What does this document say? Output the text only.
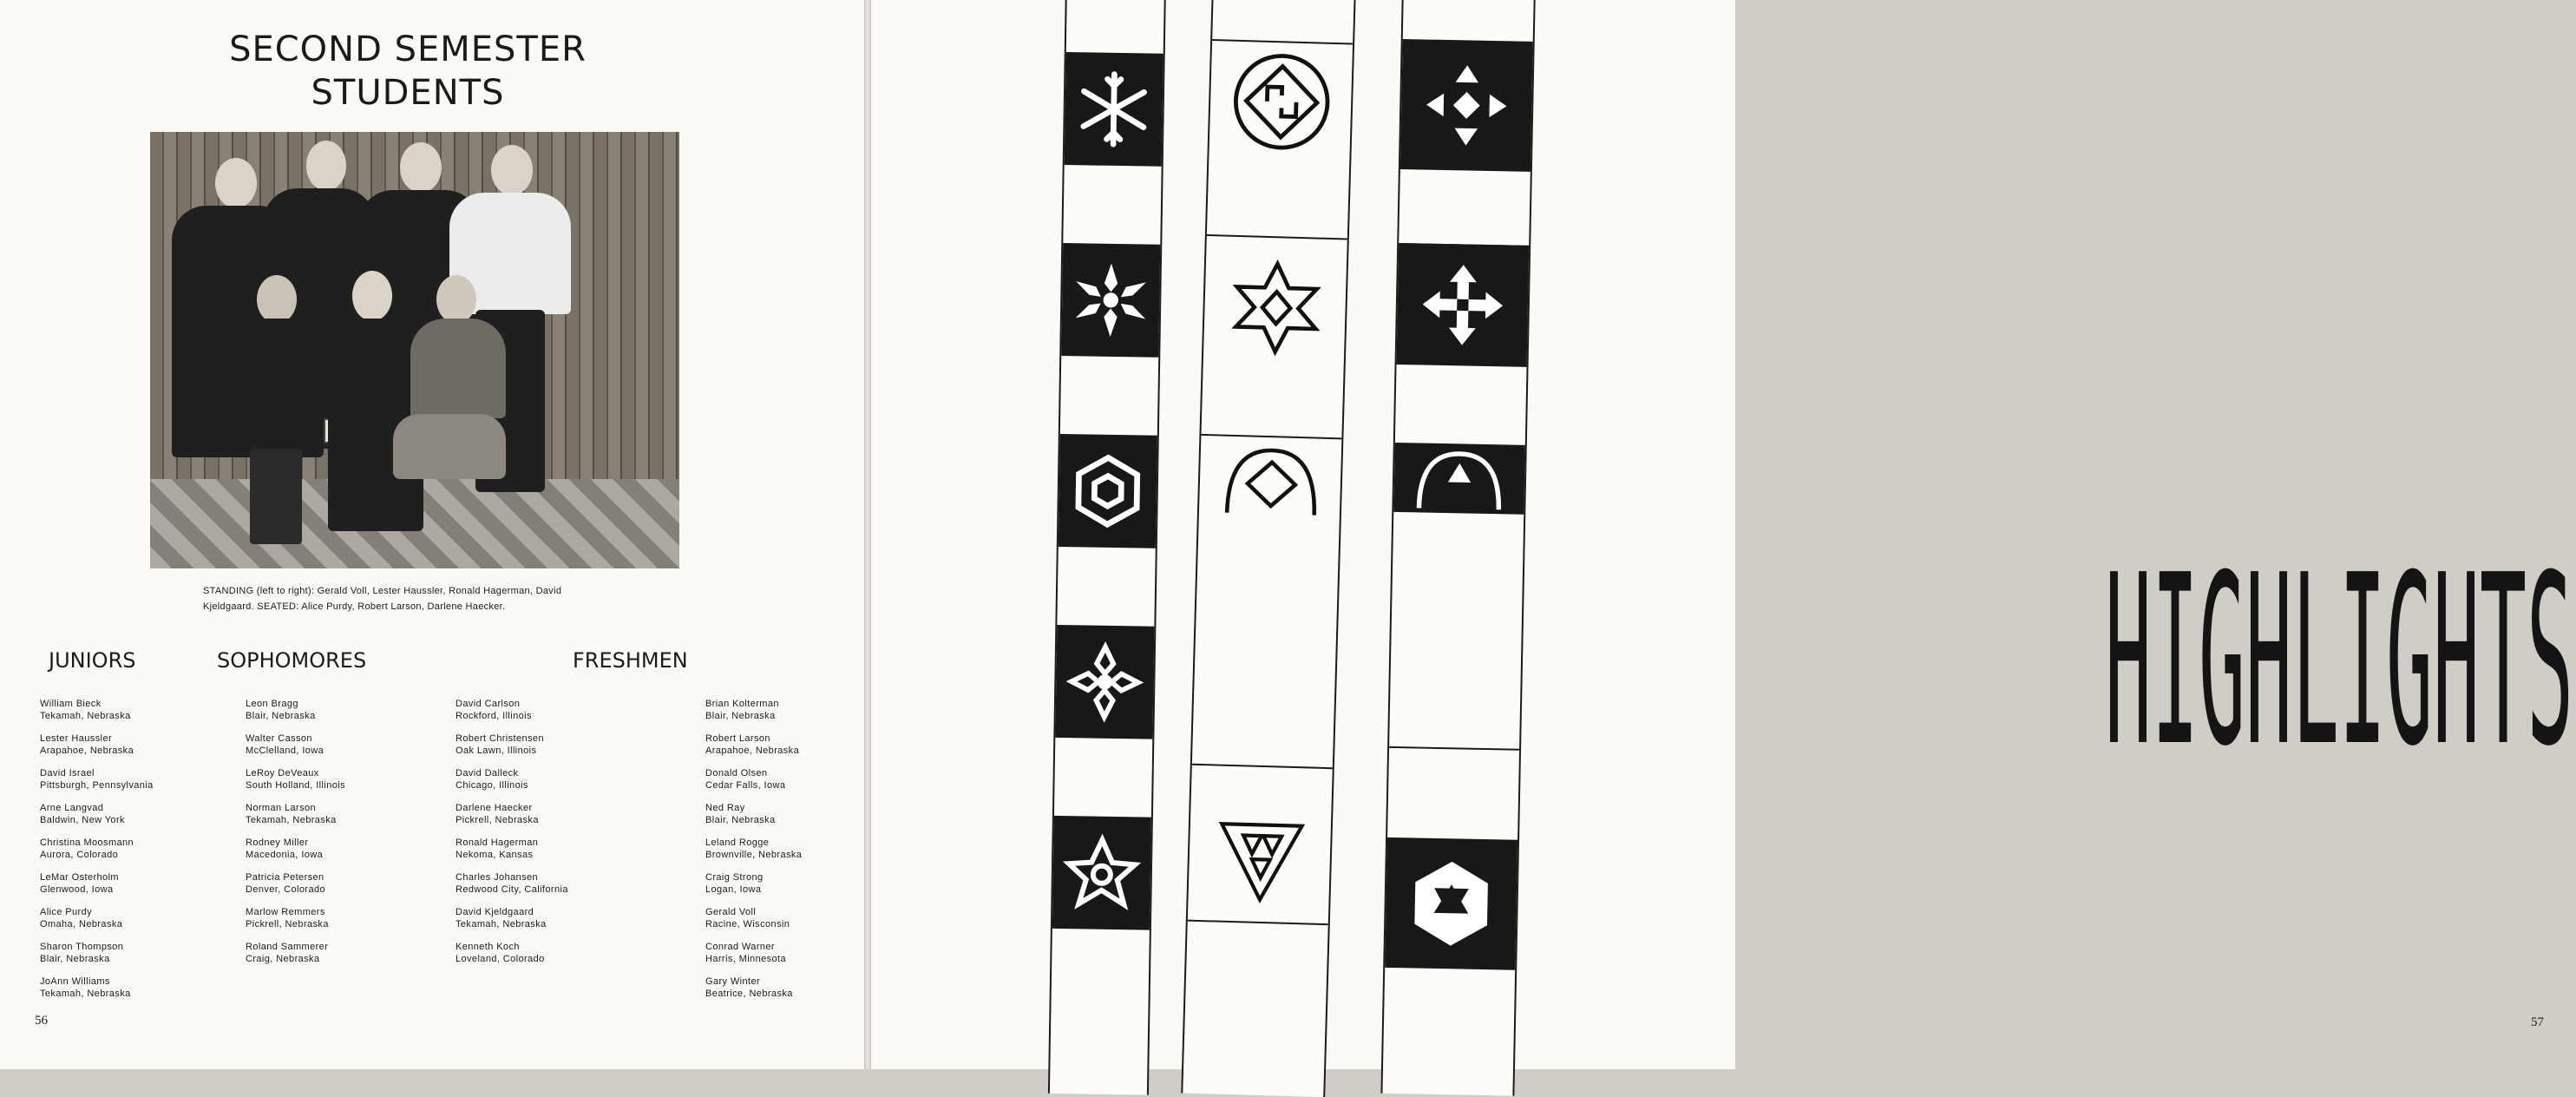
SECOND SEMESTER
STUDENTS
STANDING (left to right): Gerald Voll, Lester Haussler, Ronald Hagerman, David
Kjeldgaard. SEATED: Alice Purdy, Robert Larson, Darlene Haecker.
JUNIORS	SOPHOMORES	FRESHMEN
William Bieck
Tekamah, Nebraska
Lester Haussler
Arapahoe, Nebraska
David Israel
Pittsburgh, Pennsylvania
Arne Langvad
Baldwin, New York
Christina Moosmann
Aurora, Colorado
LeMar Osterholm
Glenwood, Iowa
Alice Purdy
Omaha, Nebraska
Sharon Thompson
Blair, Nebraska
JoAnn Williams
Tekamah, Nebraska
Leon Bragg
Blair, Nebraska
Walter Casson
McClelland, Iowa
LeRoy DeVeaux
South Holland, Illinois
Norman Larson
Tekamah, Nebraska
Rodney Miller
Macedonia, Iowa
Patricia Petersen
Denver, Colorado
Marlow Remmers
Pickrell, Nebraska
Roland Sammerer
Craig, Nebraska
David Carlson
Rockford, Illinois
Robert Christensen
Oak Lawn, Illinois
David Dalleck
Chicago, Illinois
Darlene Haecker
Pickrell, Nebraska
Ronald Hagerman
Nekoma, Kansas
Charles Johansen
Redwood City, California
David Kjeldgaard
Tekamah, Nebraska
Kenneth Koch
Loveland, Colorado
Brian Kolterman
Blair, Nebraska
Robert Larson
Arapahoe, Nebraska
Donald Olsen
Cedar Falls, Iowa
Ned Ray
Blair, Nebraska
Leland Rogge
Brownville, Nebraska
Craig Strong
Logan, Iowa
Gerald Voll
Racine, Wisconsin
Conrad Warner
Harris, Minnesota
Gary Winter
Beatrice, Nebraska
56
HIGHLIGHTS
57
